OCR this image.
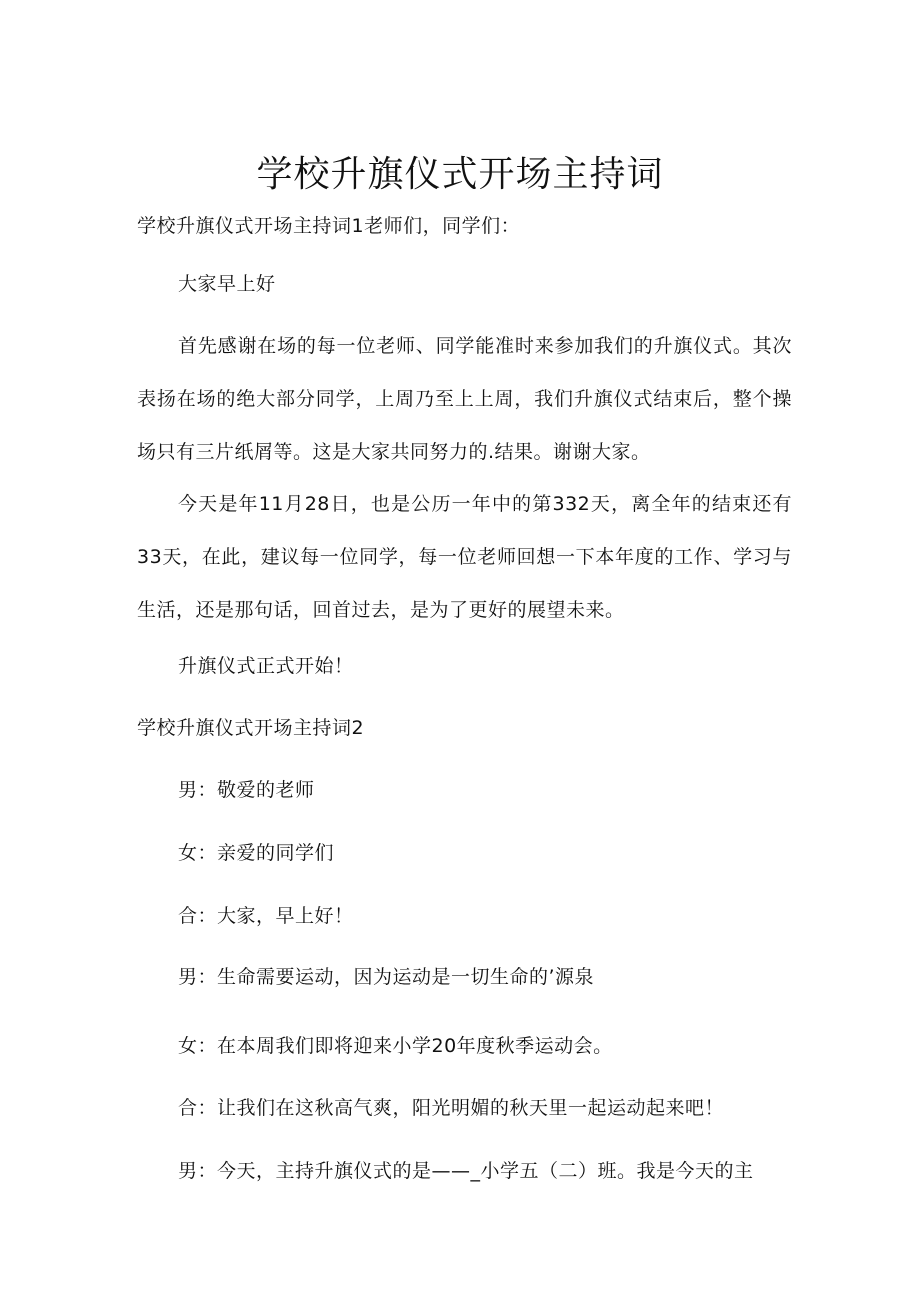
学校升旗仪式开场主持词
学校升旗仪式开场主持词1老师们，同学们：
大家早上好
首先感谢在场的每一位老师、同学能准时来参加我们的升旗仪式。其次表扬在场的绝大部分同学，上周乃至上上周，我们升旗仪式结束后，整个操场只有三片纸屑等。这是大家共同努力的.结果。谢谢大家。
今天是年11月28日，也是公历一年中的第332天，离全年的结束还有33天，在此，建议每一位同学，每一位老师回想一下本年度的工作、学习与生活，还是那句话，回首过去，是为了更好的展望未来。
升旗仪式正式开始！
学校升旗仪式开场主持词2
男：敬爱的老师
女：亲爱的同学们
合：大家，早上好！
男：生命需要运动，因为运动是一切生命的’源泉
女：在本周我们即将迎来小学20年度秋季运动会。
合：让我们在这秋高气爽，阳光明媚的秋天里一起运动起来吧！
男：今天，主持升旗仪式的是——_小学五（二）班。我是今天的主
